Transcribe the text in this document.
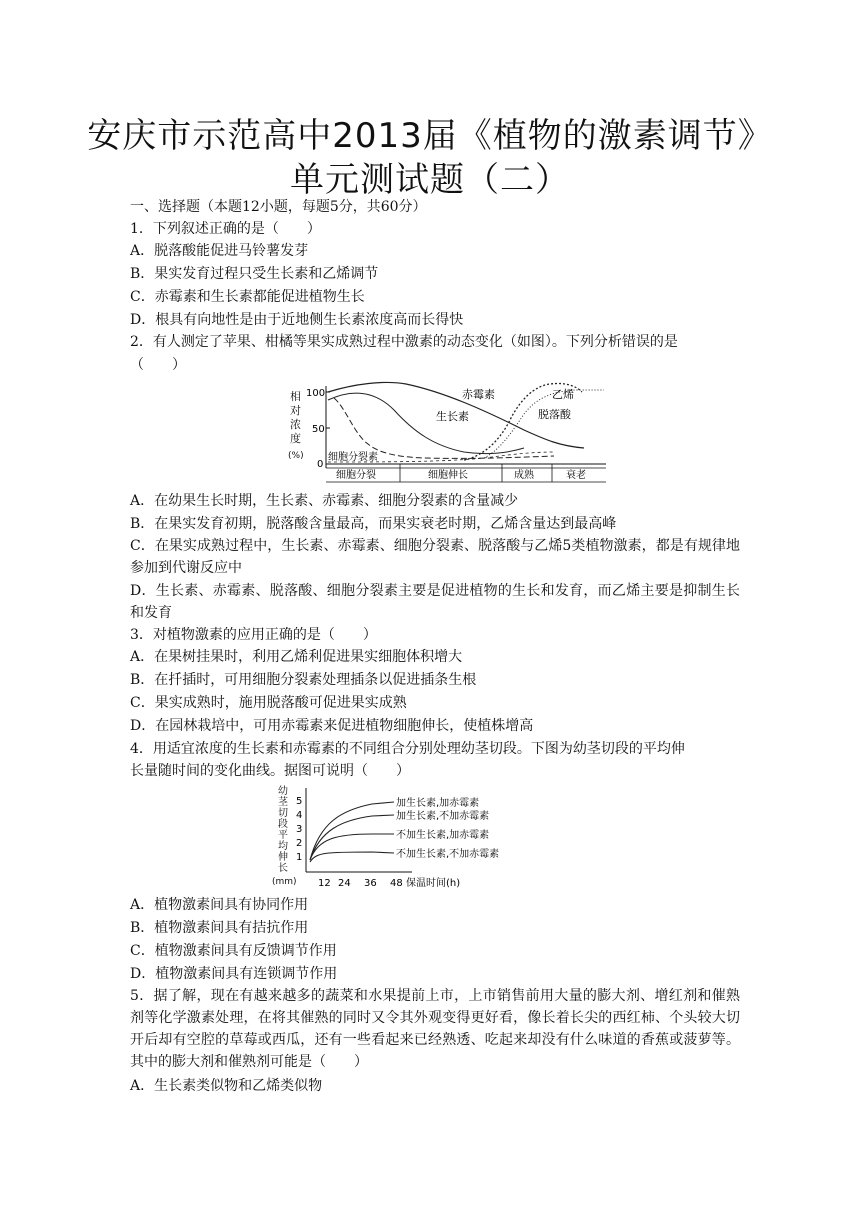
安庆市示范高中2013届《植物的激素调节》
单元测试题（二）
一、选择题（本题12小题，每题5分，共60分）
1．下列叙述正确的是（　　）
A．脱落酸能促进马铃薯发芽
B．果实发育过程只受生长素和乙烯调节
C．赤霉素和生长素都能促进植物生长
D．根具有向地性是由于近地侧生长素浓度高而长得快
2．有人测定了苹果、柑橘等果实成熟过程中激素的动态变化（如图）。下列分析错误的是
（　　）
相
对
浓
度
(%)
100
50
0
赤霉素
生长素
乙烯
脱落酸
细胞分裂素
细胞分裂	细胞伸长	成熟	衰老
A．在幼果生长时期，生长素、赤霉素、细胞分裂素的含量减少
B．在果实发育初期，脱落酸含量最高，而果实衰老时期，乙烯含量达到最高峰
C．在果实成熟过程中，生长素、赤霉素、细胞分裂素、脱落酸与乙烯5类植物激素，都是有规律地参加到代谢反应中
D．生长素、赤霉素、脱落酸、细胞分裂素主要是促进植物的生长和发育，而乙烯主要是抑制生长和发育
3．对植物激素的应用正确的是（　　）
A．在果树挂果时，利用乙烯利促进果实细胞体积增大
B．在扦插时，可用细胞分裂素处理插条以促进插条生根
C．果实成熟时，施用脱落酸可促进果实成熟
D．在园林栽培中，可用赤霉素来促进植物细胞伸长，使植株增高
4．用适宜浓度的生长素和赤霉素的不同组合分别处理幼茎切段。下图为幼茎切段的平均伸
长量随时间的变化曲线。据图可说明（　　）
幼
茎
切
段
平
均
伸
长
(mm)
5
4
3
2
1
加生长素,加赤霉素
加生长素,不加赤霉素
不加生长素,加赤霉素
不加生长素,不加赤霉素
12 24 36 48 保温时间(h)
A．植物激素间具有协同作用
B．植物激素间具有拮抗作用
C．植物激素间具有反馈调节作用
D．植物激素间具有连锁调节作用
5．据了解，现在有越来越多的蔬菜和水果提前上市，上市销售前用大量的膨大剂、增红剂和催熟剂等化学激素处理，在将其催熟的同时又令其外观变得更好看，像长着长尖的西红柿、个头较大切开后却有空腔的草莓或西瓜，还有一些看起来已经熟透、吃起来却没有什么味道的香蕉或菠萝等。其中的膨大剂和催熟剂可能是（　　）
A．生长素类似物和乙烯类似物
